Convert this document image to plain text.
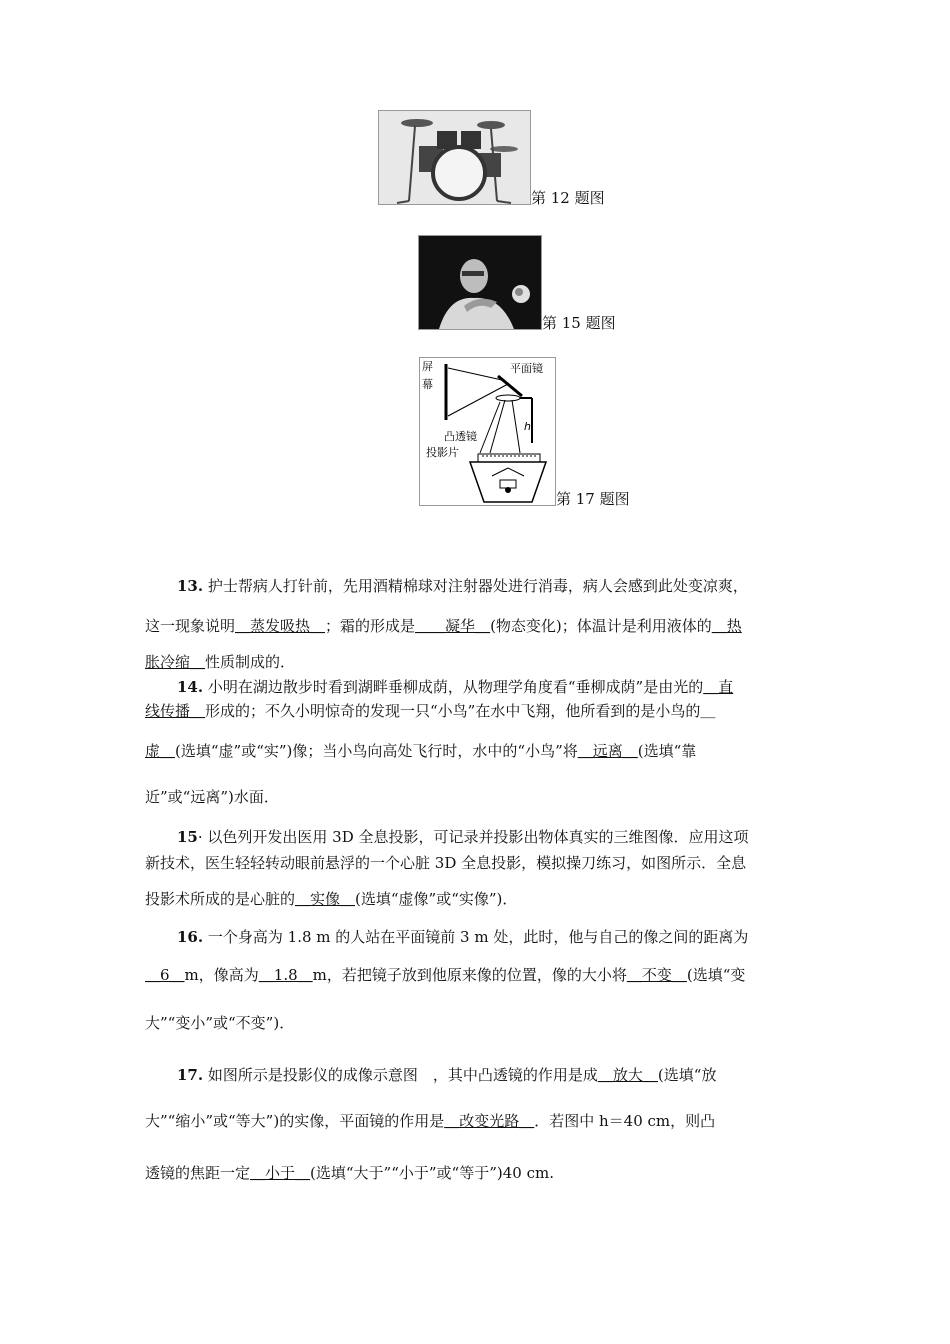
第 12 题图
第 15 题图
屏
幕
平面镜
h
凸透镜
投影片
第 17 题图
13. 护士帮病人打针前，先用酒精棉球对注射器处进行消毒，病人会感到此处变凉爽，
这一现象说明＿蒸发吸热＿；霜的形成是＿＿凝华＿(物态变化)；体温计是利用液体的＿热
胀冷缩＿性质制成的．
14. 小明在湖边散步时看到湖畔垂柳成荫，从物理学角度看“垂柳成荫”是由光的＿直
线传播＿形成的；不久小明惊奇的发现一只“小鸟”在水中飞翔，他所看到的是小鸟的＿
虚＿(选填“虚”或“实”)像；当小鸟向高处飞行时，水中的“小鸟”将＿远离＿(选填“靠
近”或“远离”)水面．
15· 以色列开发出医用 3D 全息投影，可记录并投影出物体真实的三维图像．应用这项
新技术，医生轻轻转动眼前悬浮的一个心脏 3D 全息投影，模拟操刀练习，如图所示．全息
投影术所成的是心脏的＿实像＿(选填“虚像”或“实像”)．
16. 一个身高为 1.8 m 的人站在平面镜前 3 m 处，此时，他与自己的像之间的距离为
＿6＿m，像高为＿1.8＿m，若把镜子放到他原来像的位置，像的大小将＿不变＿(选填“变
大”“变小”或“不变”)．
17. 如图所示是投影仪的成像示意图　，其中凸透镜的作用是成＿放大＿(选填“放
大”“缩小”或“等大”)的实像，平面镜的作用是＿改变光路＿．若图中 h＝40 cm，则凸
透镜的焦距一定＿小于＿(选填“大于”“小于”或“等于”)40 cm.
